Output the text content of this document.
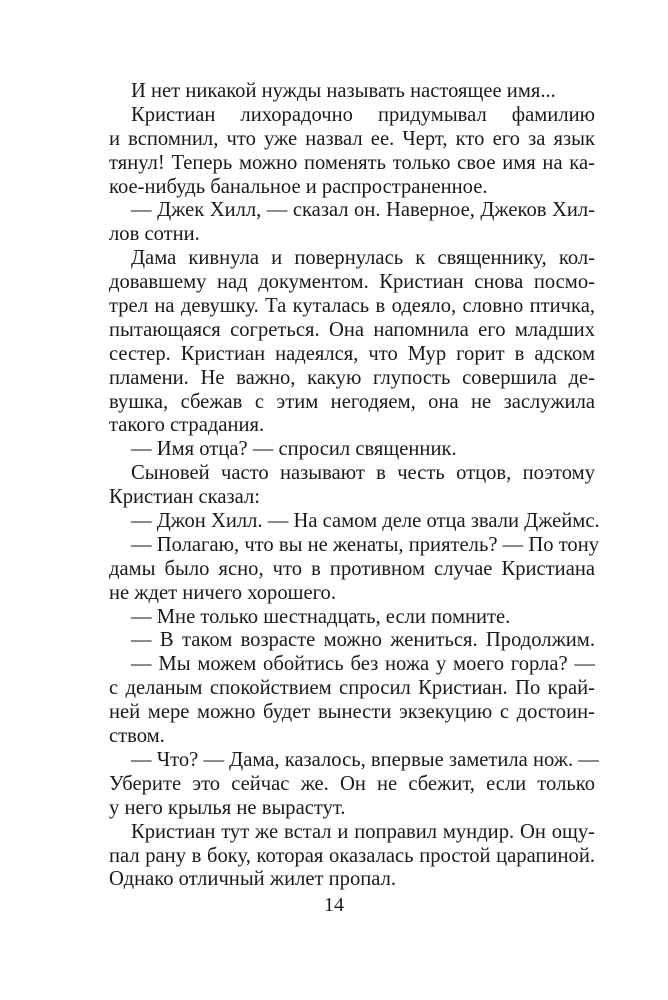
И нет никакой нужды называть настоящее имя...
Кристиан лихорадочно придумывал фамилию
и вспомнил, что уже назвал ее. Черт, кто его за язык
тянул! Теперь можно поменять только свое имя на ка-
кое-нибудь банальное и распространенное.
— Джек Хилл, — сказал он. Наверное, Джеков Хил-
лов сотни.
Дама кивнула и повернулась к священнику, кол-
довавшему над документом. Кристиан снова посмо-
трел на девушку. Та куталась в одеяло, словно птичка,
пытающаяся согреться. Она напомнила его младших
сестер. Кристиан надеялся, что Мур горит в адском
пламени. Не важно, какую глупость совершила де-
вушка, сбежав с этим негодяем, она не заслужила
такого страдания.
— Имя отца? — спросил священник.
Сыновей часто называют в честь отцов, поэтому
Кристиан сказал:
— Джон Хилл. — На самом деле отца звали Джеймс.
— Полагаю, что вы не женаты, приятель? — По тону
дамы было ясно, что в противном случае Кристиана
не ждет ничего хорошего.
— Мне только шестнадцать, если помните.
— В таком возрасте можно жениться. Продолжим.
— Мы можем обойтись без ножа у моего горла? —
с деланым спокойствием спросил Кристиан. По край-
ней мере можно будет вынести экзекуцию с достоин-
ством.
— Что? — Дама, казалось, впервые заметила нож. —
Уберите это сейчас же. Он не сбежит, если только
у него крылья не вырастут.
Кристиан тут же встал и поправил мундир. Он ощу-
пал рану в боку, которая оказалась простой царапиной.
Однако отличный жилет пропал.
14
